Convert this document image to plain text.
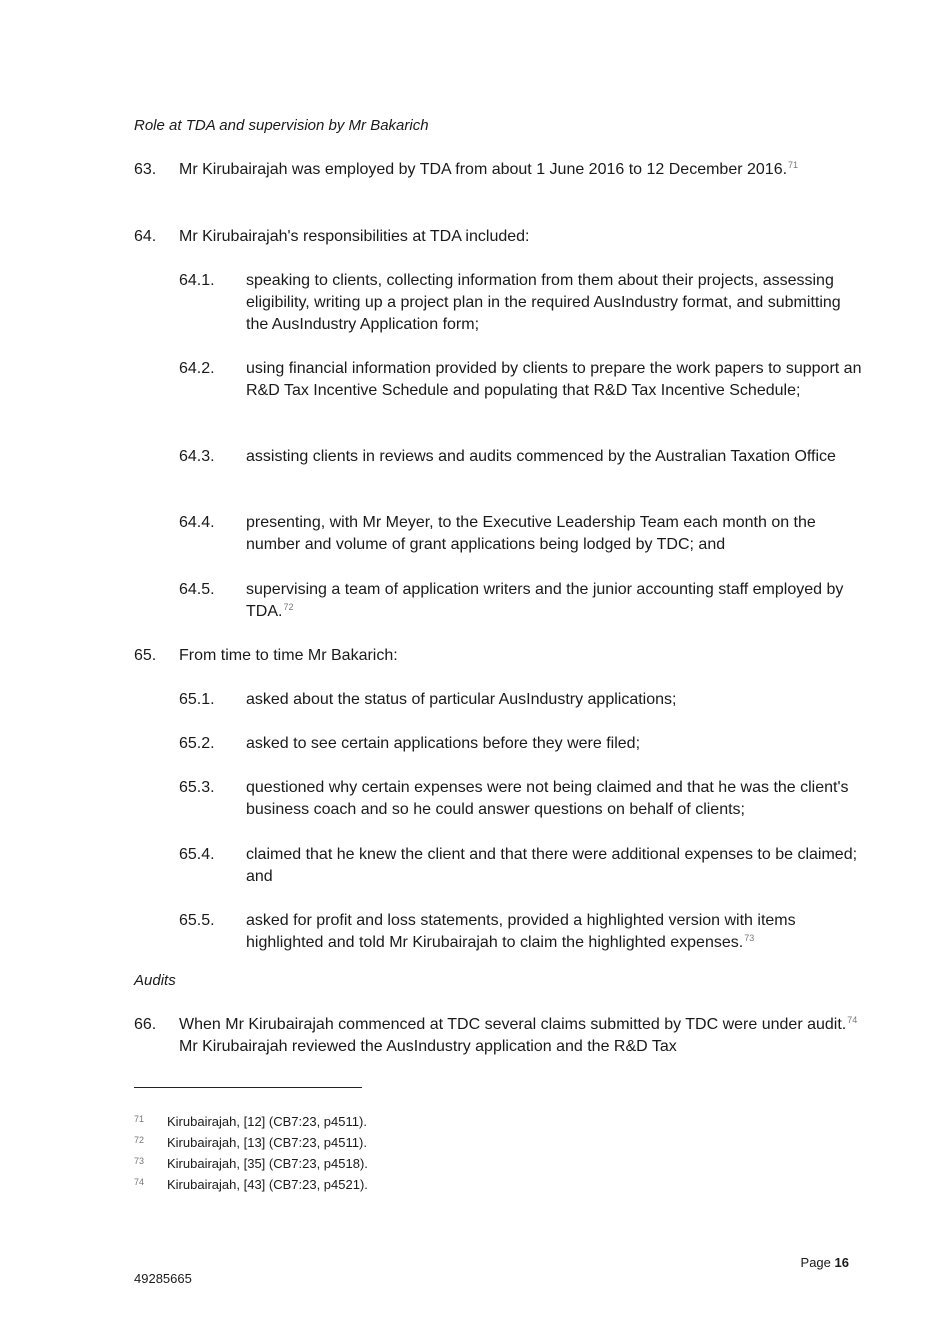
Role at TDA and supervision by Mr Bakarich
63. Mr Kirubairajah was employed by TDA from about 1 June 2016 to 12 December 2016.71
64. Mr Kirubairajah's responsibilities at TDA included:
64.1. speaking to clients, collecting information from them about their projects, assessing eligibility, writing up a project plan in the required AusIndustry format, and submitting the AusIndustry Application form;
64.2. using financial information provided by clients to prepare the work papers to support an R&D Tax Incentive Schedule and populating that R&D Tax Incentive Schedule;
64.3. assisting clients in reviews and audits commenced by the Australian Taxation Office
64.4. presenting, with Mr Meyer, to the Executive Leadership Team each month on the number and volume of grant applications being lodged by TDC; and
64.5. supervising a team of application writers and the junior accounting staff employed by TDA.$^{72}$
65. From time to time Mr Bakarich:
65.1. asked about the status of particular AusIndustry applications;
65.2. asked to see certain applications before they were filed;
65.3. questioned why certain expenses were not being claimed and that he was the client's business coach and so he could answer questions on behalf of clients;
65.4. claimed that he knew the client and that there were additional expenses to be claimed; and
65.5. asked for profit and loss statements, provided a highlighted version with items highlighted and told Mr Kirubairajah to claim the highlighted expenses.$^{73}$
Audits
66. When Mr Kirubairajah commenced at TDC several claims submitted by TDC were under audit.$^{74}$ Mr Kirubairajah reviewed the AusIndustry application and the R&D Tax
71 Kirubairajah, [12] (CB7:23, p4511).
72 Kirubairajah, [13] (CB7:23, p4511).
73 Kirubairajah, [35] (CB7:23, p4518).
74 Kirubairajah, [43] (CB7:23, p4521).
Page 16
49285665
